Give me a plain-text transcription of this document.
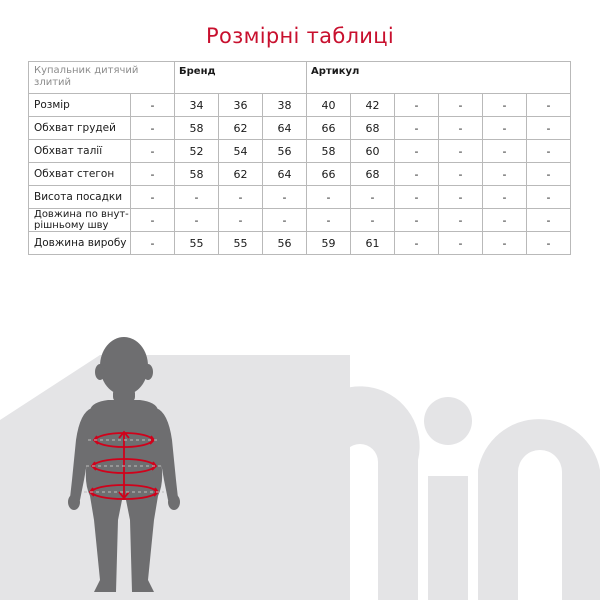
Розмірні таблиці
Купальник дитячий злитий		Бренд			Артикул					
Розмір	-	34	36	38	40	42	-	-	-	-
Обхват грудей	-	58	62	64	66	68	-	-	-	-
Обхват талії	-	52	54	56	58	60	-	-	-	-
Обхват стегон	-	58	62	64	66	68	-	-	-	-
Висота посадки	-	-	-	-	-	-	-	-	-	-
Довжина по внут-рішньому шву	-	-	-	-	-	-	-	-	-	-
Довжина виробу	-	55	55	56	59	61	-	-	-	-
